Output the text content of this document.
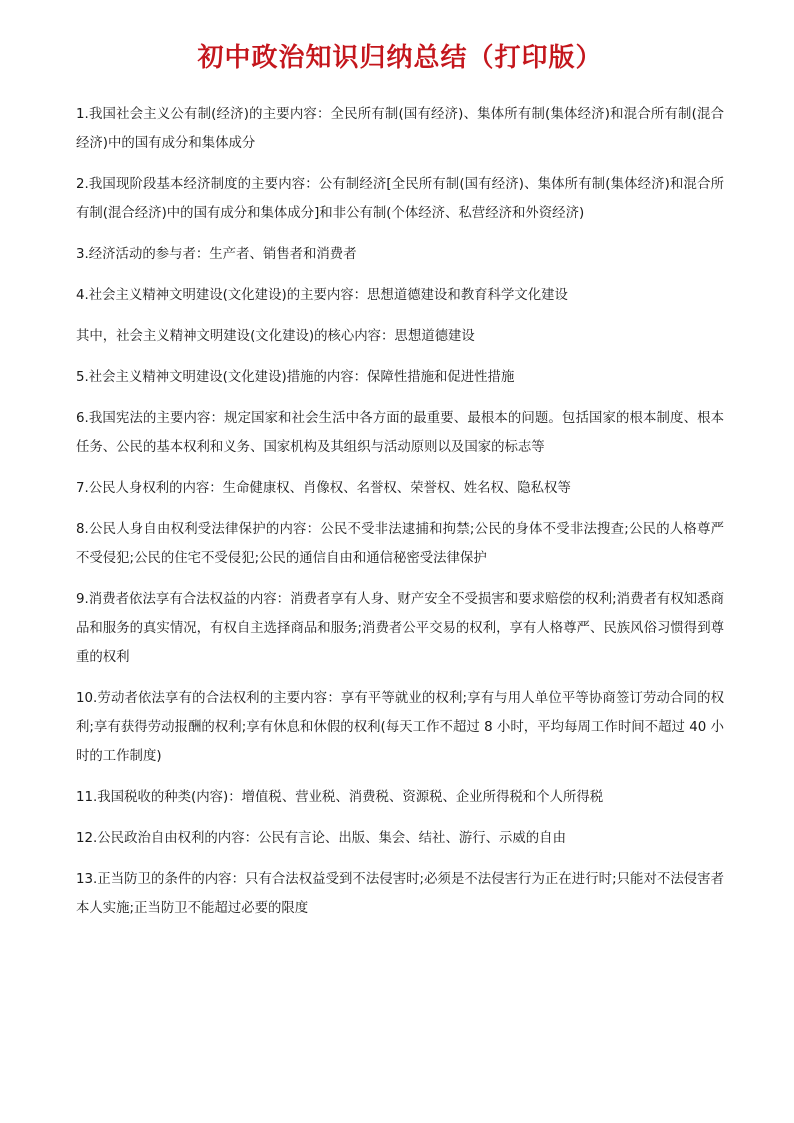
初中政治知识归纳总结（打印版）

1.我国社会主义公有制(经济)的主要内容：全民所有制(国有经济)、集体所有制(集体经济)和混合所有制(混合经济)中的国有成分和集体成分

2.我国现阶段基本经济制度的主要内容：公有制经济[全民所有制(国有经济)、集体所有制(集体经济)和混合所有制(混合经济)中的国有成分和集体成分]和非公有制(个体经济、私营经济和外资经济)

3.经济活动的参与者：生产者、销售者和消费者

4.社会主义精神文明建设(文化建设)的主要内容：思想道德建设和教育科学文化建设

其中，社会主义精神文明建设(文化建设)的核心内容：思想道德建设

5.社会主义精神文明建设(文化建设)措施的内容：保障性措施和促进性措施

6.我国宪法的主要内容：规定国家和社会生活中各方面的最重要、最根本的问题。包括国家的根本制度、根本任务、公民的基本权利和义务、国家机构及其组织与活动原则以及国家的标志等

7.公民人身权利的内容：生命健康权、肖像权、名誉权、荣誉权、姓名权、隐私权等

8.公民人身自由权利受法律保护的内容：公民不受非法逮捕和拘禁;公民的身体不受非法搜查;公民的人格尊严不受侵犯;公民的住宅不受侵犯;公民的通信自由和通信秘密受法律保护

9.消费者依法享有合法权益的内容：消费者享有人身、财产安全不受损害和要求赔偿的权利;消费者有权知悉商品和服务的真实情况，有权自主选择商品和服务;消费者公平交易的权利，享有人格尊严、民族风俗习惯得到尊重的权利

10.劳动者依法享有的合法权利的主要内容：享有平等就业的权利;享有与用人单位平等协商签订劳动合同的权利;享有获得劳动报酬的权利;享有休息和休假的权利(每天工作不超过 8 小时，平均每周工作时间不超过 40 小时的工作制度)

11.我国税收的种类(内容)：增值税、营业税、消费税、资源税、企业所得税和个人所得税

12.公民政治自由权利的内容：公民有言论、出版、集会、结社、游行、示威的自由

13.正当防卫的条件的内容：只有合法权益受到不法侵害时;必须是不法侵害行为正在进行时;只能对不法侵害者本人实施;正当防卫不能超过必要的限度
